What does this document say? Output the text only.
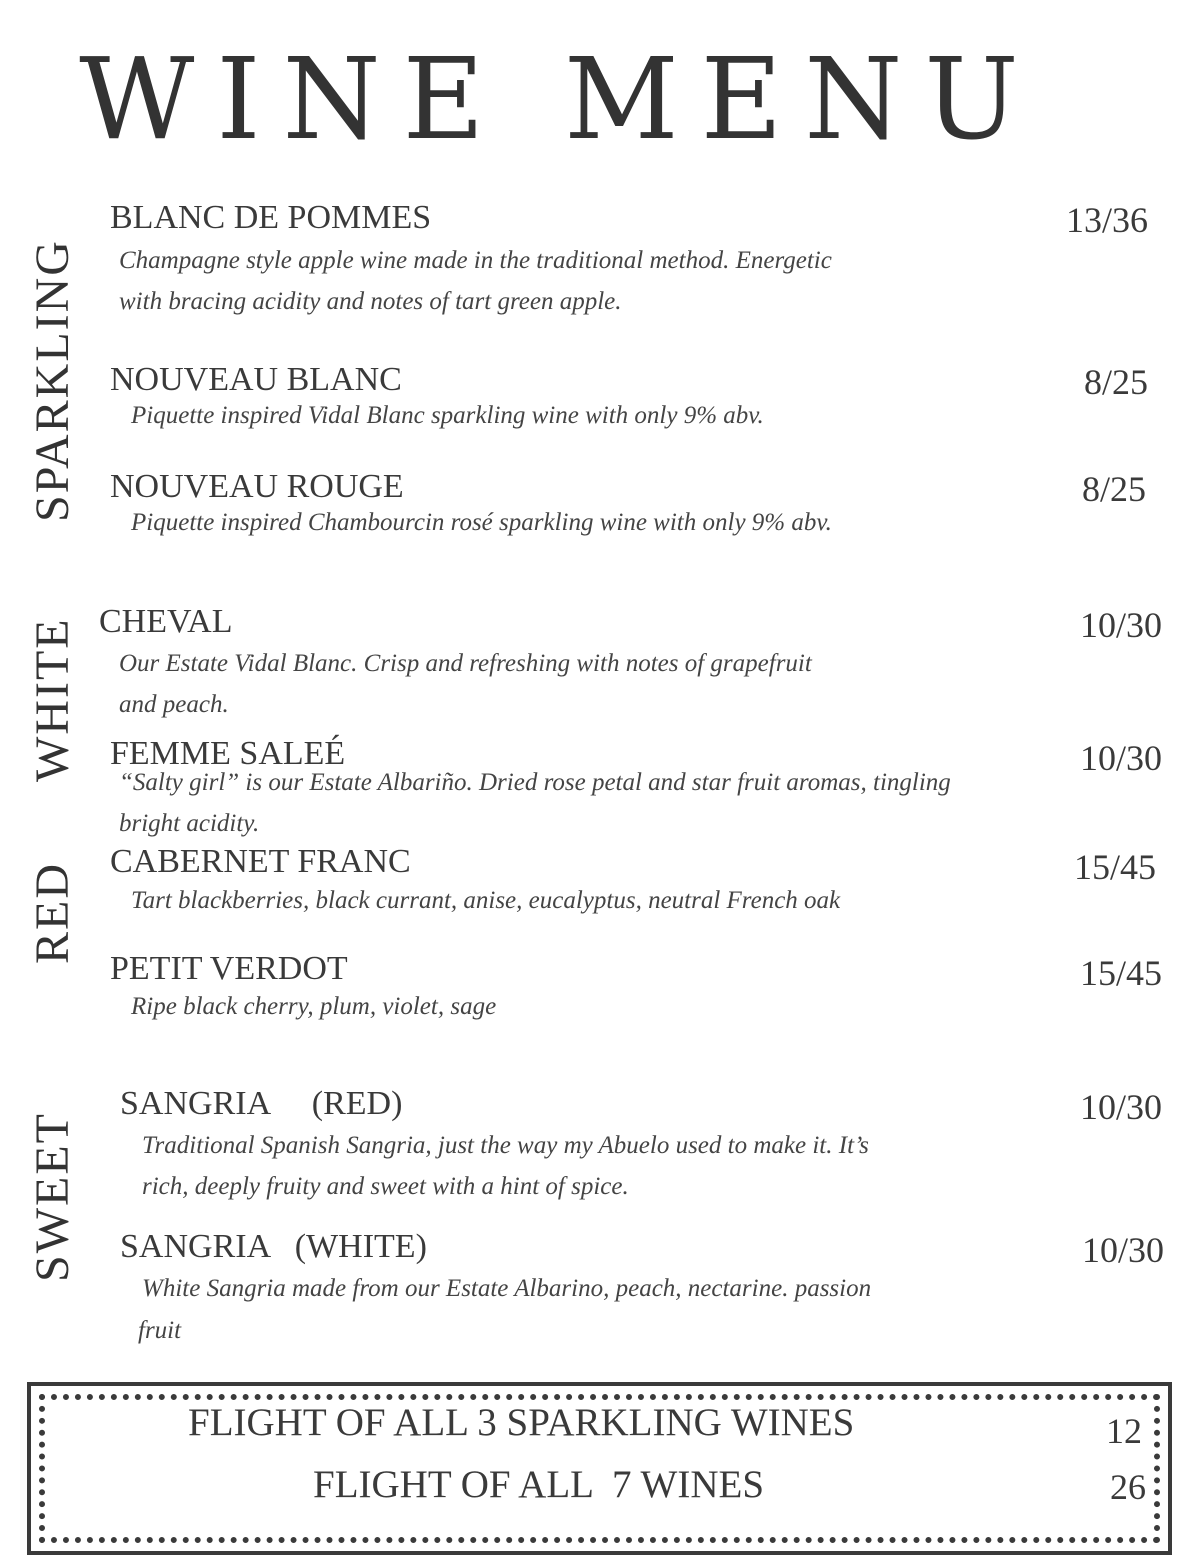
WINE MENU
SPARKLING
WHITE
RED
SWEET
BLANC DE POMMES	13/36
Champagne style apple wine made in the traditional method. Energetic
with bracing acidity and notes of tart green apple.
NOUVEAU BLANC	8/25
Piquette inspired Vidal Blanc sparkling wine with only 9% abv.
NOUVEAU ROUGE	8/25
Piquette inspired Chambourcin rosé sparkling wine with only 9% abv.
CHEVAL	10/30
Our Estate Vidal Blanc. Crisp and refreshing with notes of grapefruit
and peach.
FEMME SALEÉ	10/30
“Salty girl” is our Estate Albariño. Dried rose petal and star fruit aromas, tingling
bright acidity.
CABERNET FRANC	15/45
Tart blackberries, black currant, anise, eucalyptus, neutral French oak
PETIT VERDOT	15/45
Ripe black cherry, plum, violet, sage
SANGRIA     (RED)	10/30
Traditional Spanish Sangria, just the way my Abuelo used to make it. It’s
rich, deeply fruity and sweet with a hint of spice.
SANGRIA   (WHITE)	10/30
White Sangria made from our Estate Albarino, peach, nectarine. passion
fruit
FLIGHT OF ALL 3 SPARKLING WINES	12
FLIGHT OF ALL  7 WINES	26
